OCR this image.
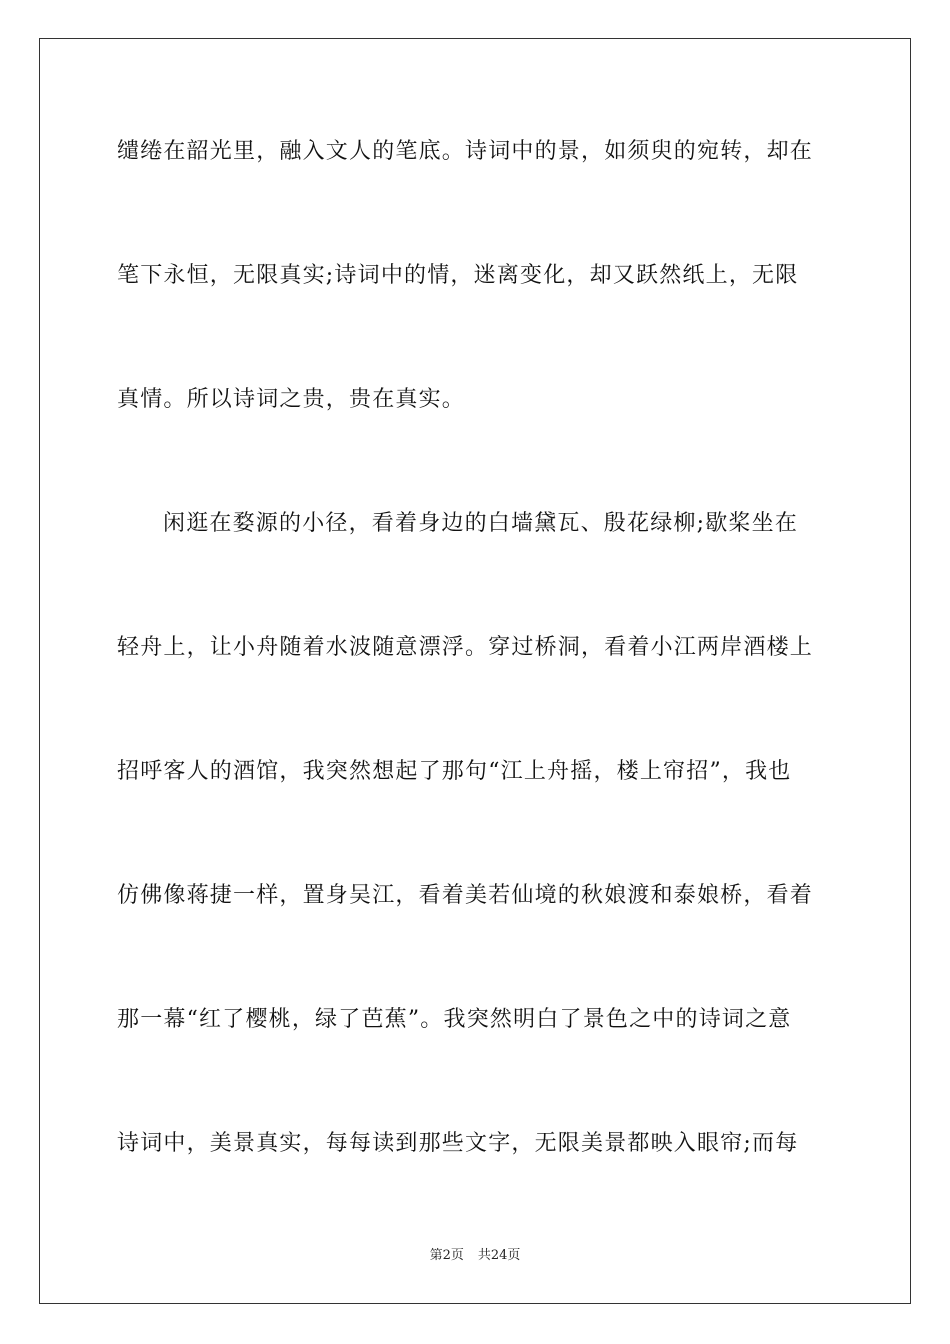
缱绻在韶光里，融入文人的笔底。诗词中的景，如须臾的宛转，却在
笔下永恒，无限真实;诗词中的情，迷离变化，却又跃然纸上，无限
真情。所以诗词之贵，贵在真实。
闲逛在婺源的小径，看着身边的白墙黛瓦、殷花绿柳;歇桨坐在
轻舟上，让小舟随着水波随意漂浮。穿过桥洞，看着小江两岸酒楼上
招呼客人的酒馆，我突然想起了那句“江上舟摇，楼上帘招”，我也
仿佛像蒋捷一样，置身吴江，看着美若仙境的秋娘渡和泰娘桥，看着
那一幕“红了樱桃，绿了芭蕉”。我突然明白了景色之中的诗词之意
诗词中，美景真实，每每读到那些文字，无限美景都映入眼帘;而每
第2页 共24页
